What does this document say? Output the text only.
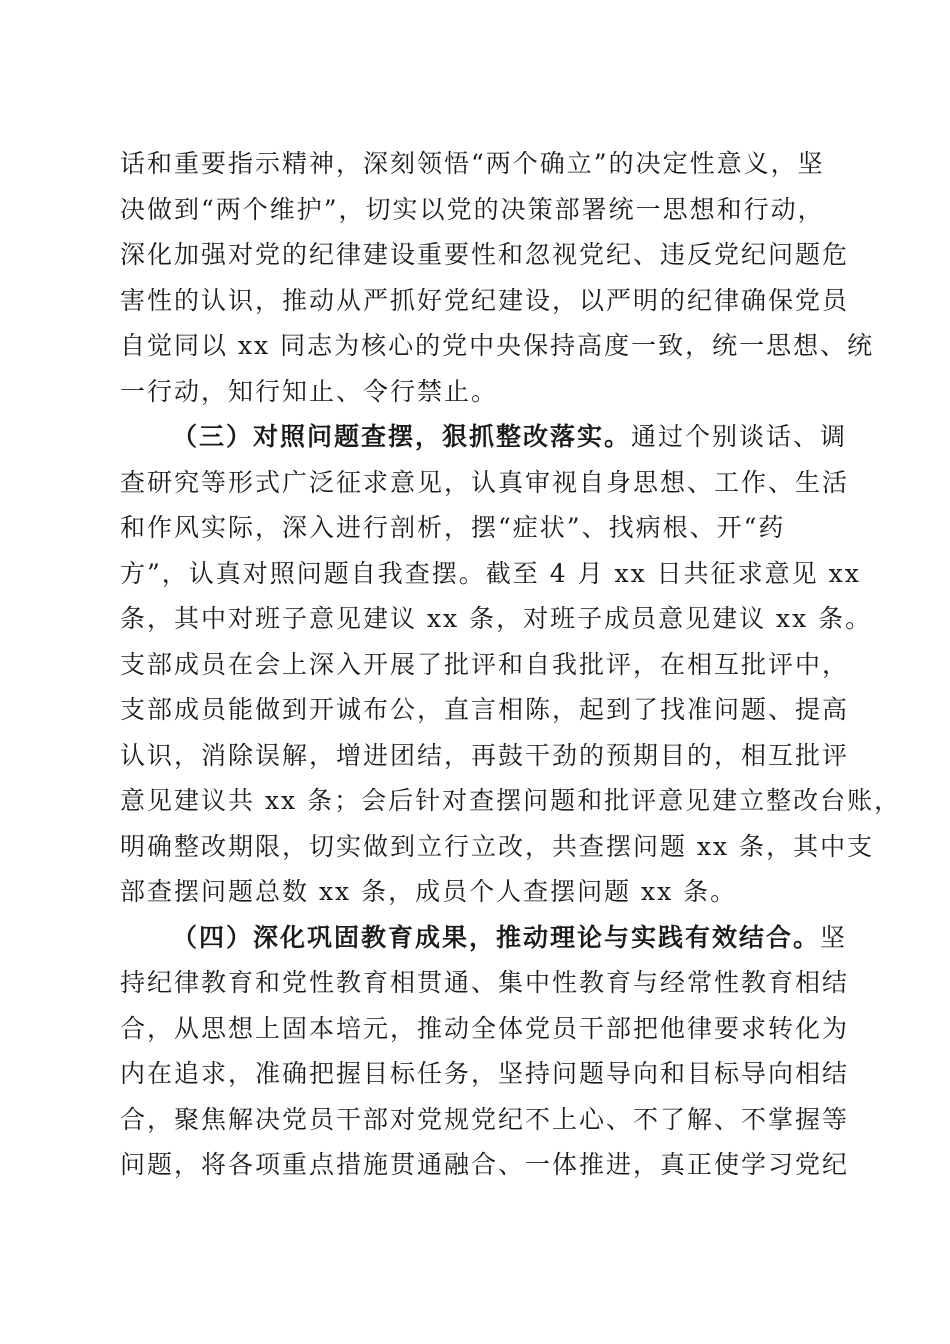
话和重要指示精神，深刻领悟“两个确立”的决定性意义，坚
决做到“两个维护”，切实以党的决策部署统一思想和行动，
深化加强对党的纪律建设重要性和忽视党纪、违反党纪问题危
害性的认识，推动从严抓好党纪建设，以严明的纪律确保党员
自觉同以 xx 同志为核心的党中央保持高度一致，统一思想、统
一行动，知行知止、令行禁止。
（三）对照问题查摆，狠抓整改落实。通过个别谈话、调
查研究等形式广泛征求意见，认真审视自身思想、工作、生活
和作风实际，深入进行剖析，摆“症状”、找病根、开“药
方”，认真对照问题自我查摆。截至 4 月 xx 日共征求意见 xx
条，其中对班子意见建议 xx 条，对班子成员意见建议 xx 条。
支部成员在会上深入开展了批评和自我批评，在相互批评中，
支部成员能做到开诚布公，直言相陈，起到了找准问题、提高
认识，消除误解，增进团结，再鼓干劲的预期目的，相互批评
意见建议共 xx 条；会后针对查摆问题和批评意见建立整改台账，
明确整改期限，切实做到立行立改，共查摆问题 xx 条，其中支
部查摆问题总数 xx 条，成员个人查摆问题 xx 条。
（四）深化巩固教育成果，推动理论与实践有效结合。坚
持纪律教育和党性教育相贯通、集中性教育与经常性教育相结
合，从思想上固本培元，推动全体党员干部把他律要求转化为
内在追求，准确把握目标任务，坚持问题导向和目标导向相结
合，聚焦解决党员干部对党规党纪不上心、不了解、不掌握等
问题，将各项重点措施贯通融合、一体推进，真正使学习党纪
